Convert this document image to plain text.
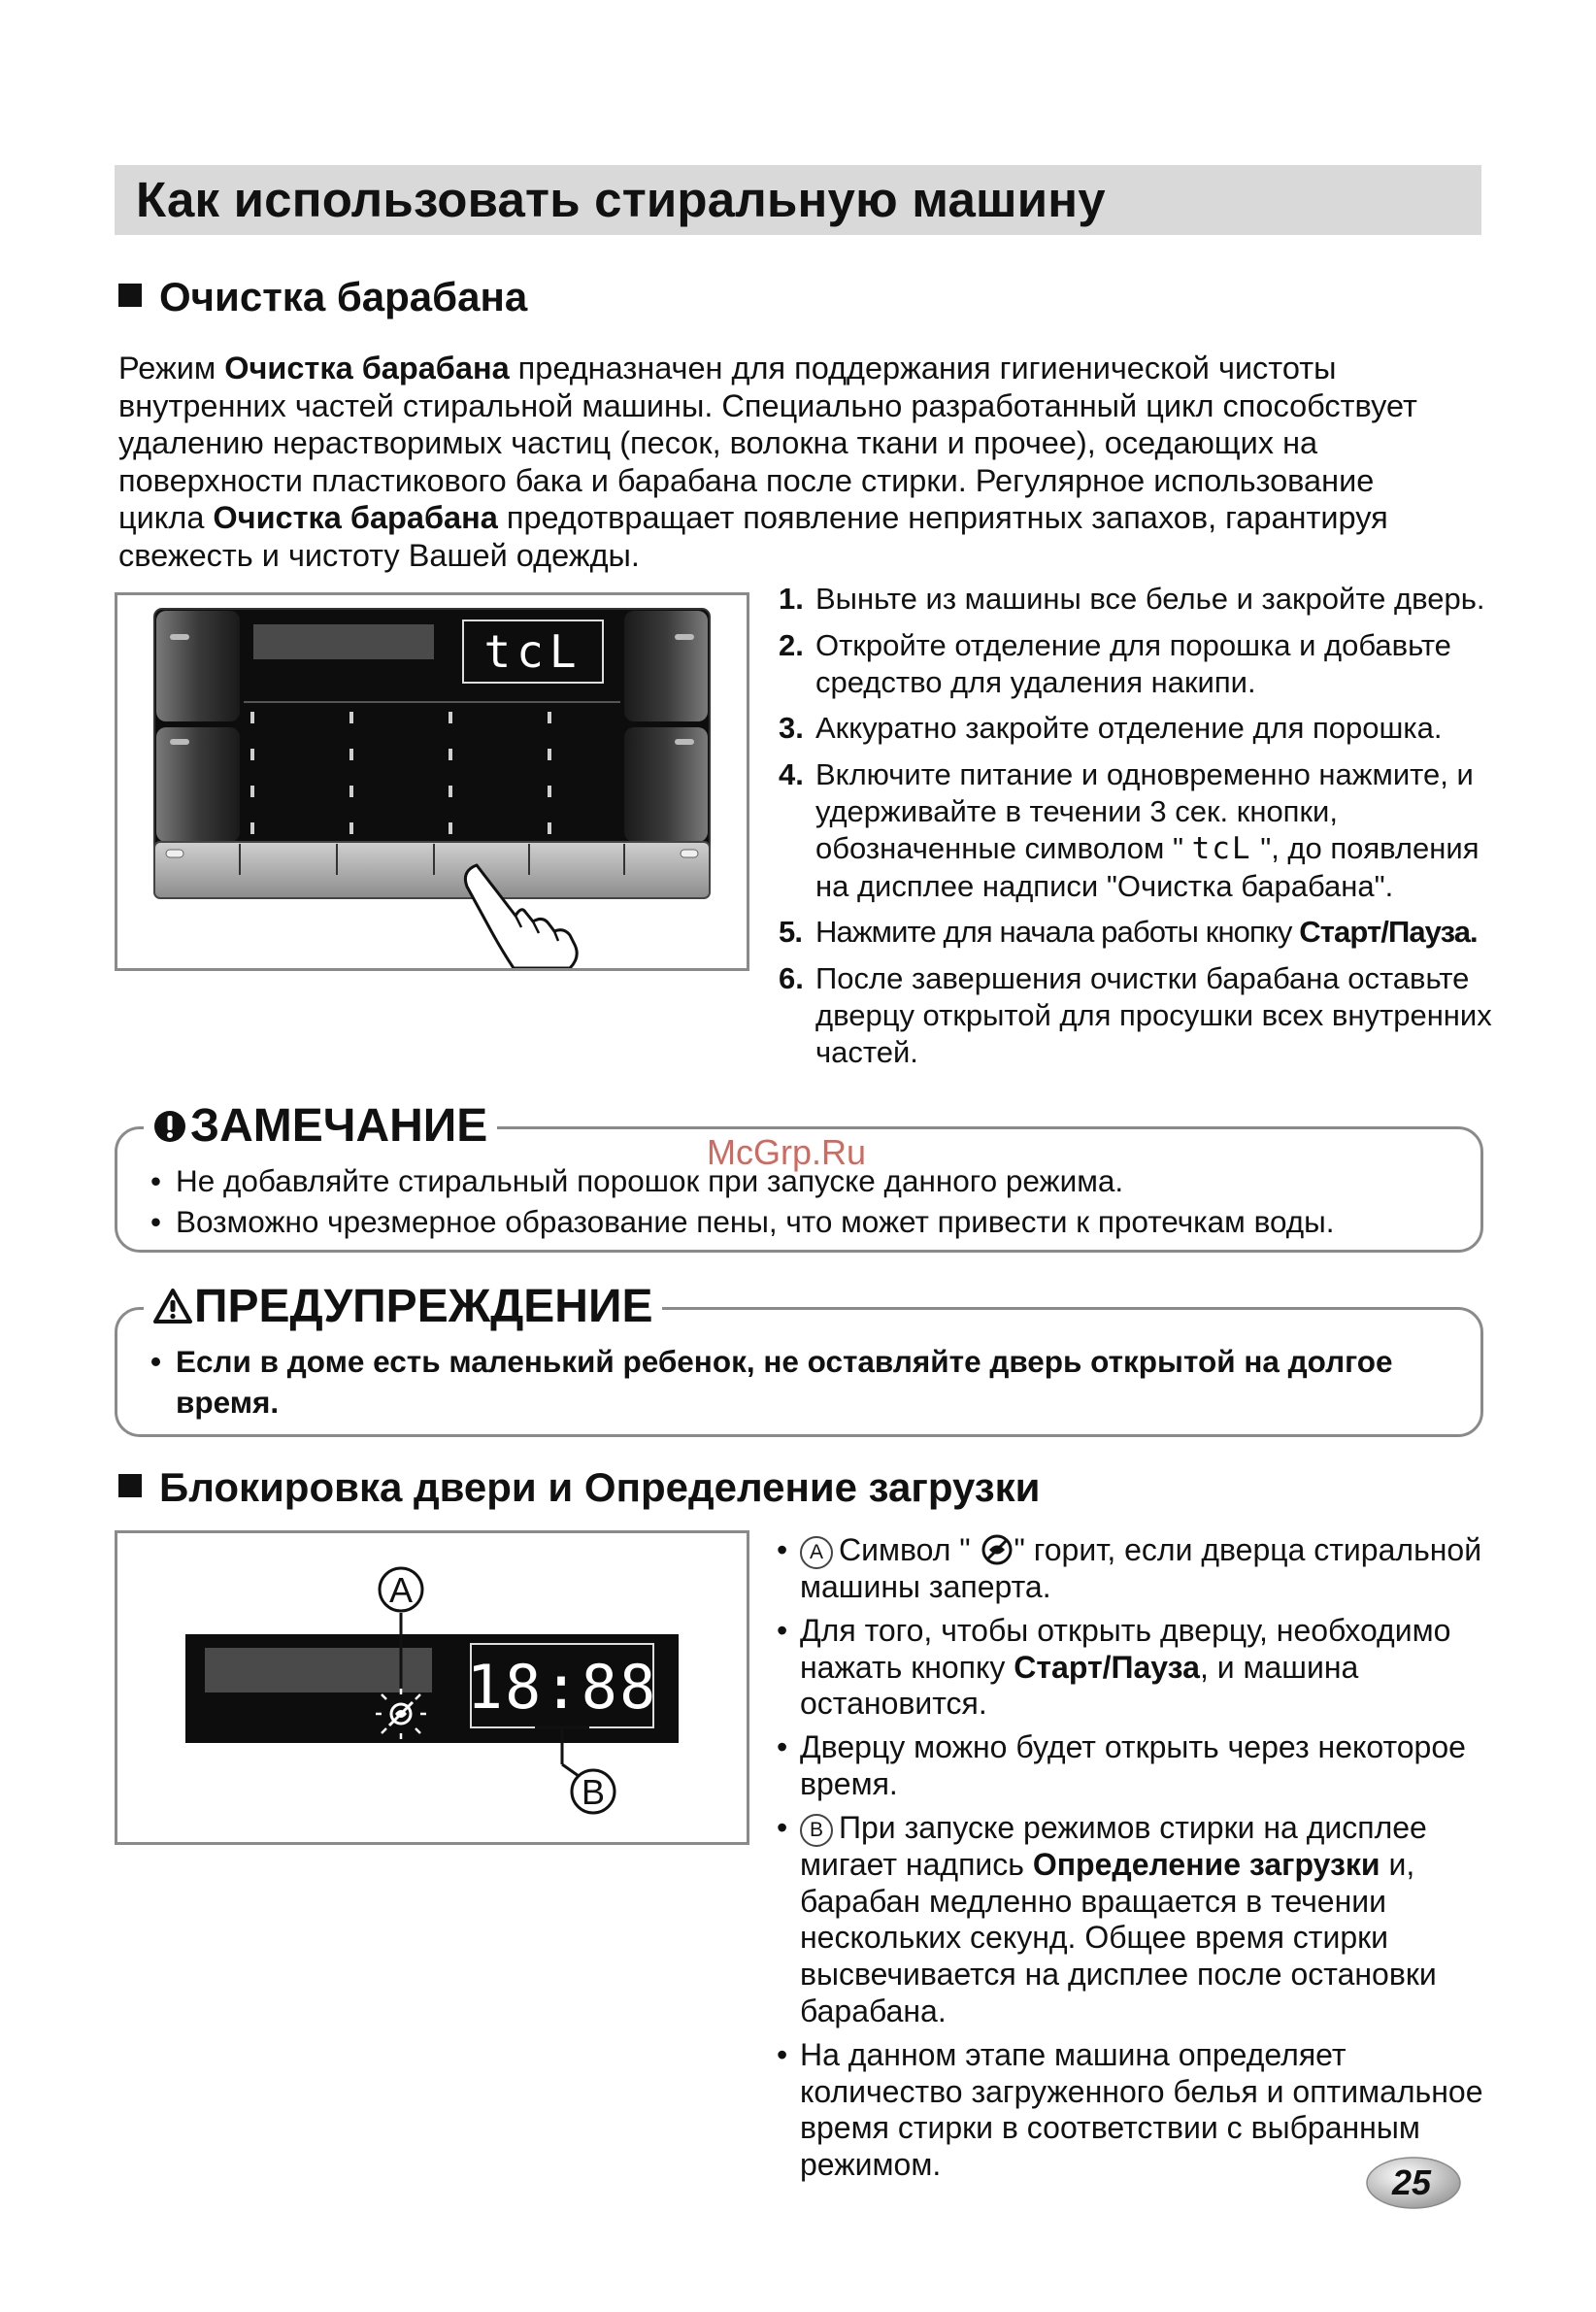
Как использовать стиральную машину
Очистка барабана

Режим Очистка барабана предназначен для поддержания гигиенической чистоты

внутренних частей стиральной машины. Специально разработанный цикл способствует

удалению нерастворимых частиц (песок, волокна ткани и прочее), оседающих на

поверхности пластикового бака и барабана после стирки. Регулярное использование

цикла Очистка барабана предотвращает появление неприятных запахов, гарантируя

свежесть и чистоту Вашей одежды.

tcL
1. Выньте из машины все белье и закройте дверь.
2. Откройте отделение для порошка и добавьте средство для удаления накипи.
3. Аккуратно закройте отделение для порошка.
4. Включите питание и одновременно нажмите, и удерживайте в течении 3 сек. кнопки, обозначенные символом " tcL ", до появления на дисплее надписи "Очистка барабана".
5. Нажмите для начала работы кнопку Старт/Пауза.
6. После завершения очистки барабана оставьте дверцу открытой для просушки всех внутренних частей.
• Не добавляйте стиральный порошок при запуске данного режима.
• Возможно чрезмерное образование пены, что может привести к протечкам воды.
ЗАМЕЧАНИЕ
• Если в доме есть маленький ребенок, не оставляйте дверь открытой на долгое время.
ПРЕДУПРЕЖДЕНИЕ
Блокировка двери и Определение загрузки
18:88
A
B
• A Символ " " горит, если дверца стиральной машины заперта.
• Для того, чтобы открыть дверцу, необходимо нажать кнопку Старт/Пауза, и машина остановится.
• Дверцу можно будет открыть через некоторое время.
• B При запуске режимов стирки на дисплее мигает надпись Определение загрузки и, барабан медленно вращается в течении нескольких секунд. Общее время стирки высвечивается на дисплее после остановки барабана.
• На данном этапе машина определяет количество загруженного белья и оптимальное время стирки в соответствии с выбранным режимом.
McGrp.Ru
25
